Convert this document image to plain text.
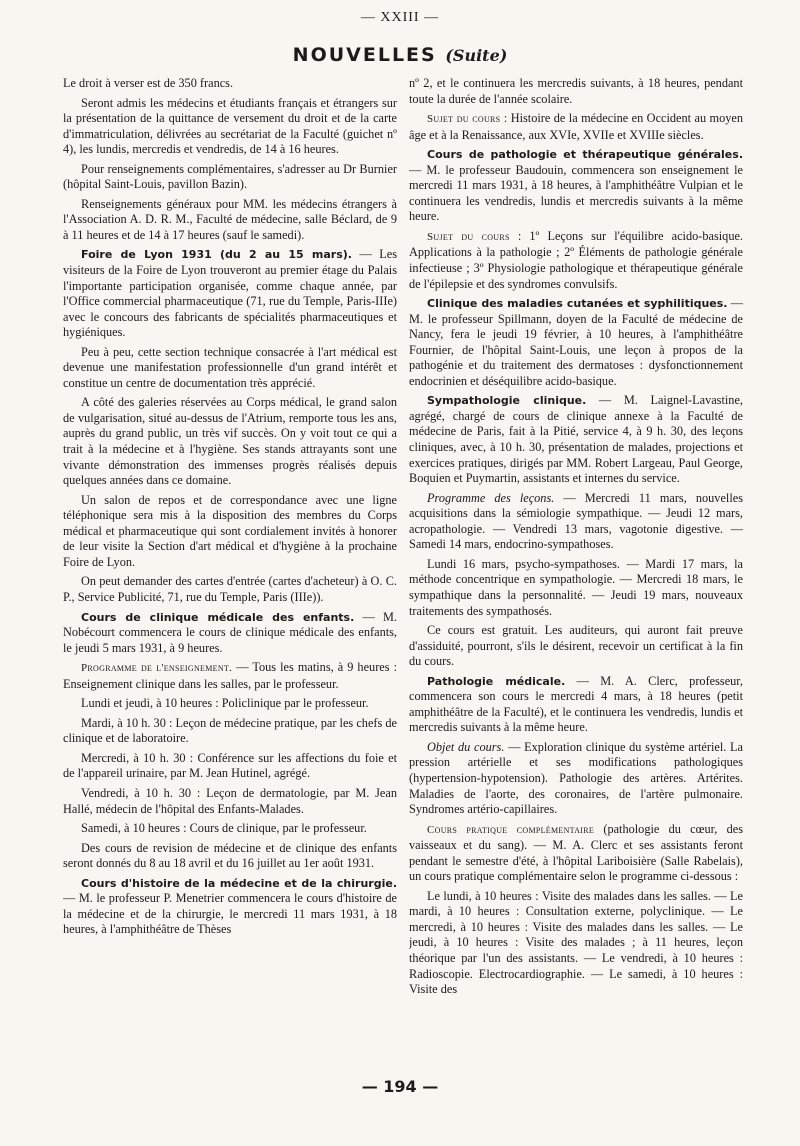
— XXIII —
NOUVELLES (Suite)

Le droit à verser est de 350 francs.

Seront admis les médecins et étudiants français et étrangers sur la présentation de la quittance de versement du droit et de la carte d'immatriculation, délivrées au secrétariat de la Faculté (guichet nº 4), les lundis, mercredis et vendredis, de 14 à 16 heures.

Pour renseignements complémentaires, s'adresser au Dr Burnier (hôpital Saint-Louis, pavillon Bazin).

Renseignements généraux pour MM. les médecins étrangers à l'Association A. D. R. M., Faculté de médecine, salle Béclard, de 9 à 11 heures et de 14 à 17 heures (sauf le samedi).

Foire de Lyon 1931 (du 2 au 15 mars). — Les visiteurs de la Foire de Lyon trouveront au premier étage du Palais l'importante participation organisée, comme chaque année, par l'Office commercial pharmaceutique (71, rue du Temple, Paris-IIIe) avec le concours des fabricants de spécialités pharmaceutiques et hygiéniques.

Peu à peu, cette section technique consacrée à l'art médical est devenue une manifestation professionnelle d'un grand intérêt et constitue un centre de documentation très apprécié.

A côté des galeries réservées au Corps médical, le grand salon de vulgarisation, situé au-dessus de l'Atrium, remporte tous les ans, auprès du grand public, un très vif succès. On y voit tout ce qui a trait à la médecine et à l'hygiène. Ses stands attrayants sont une vivante démonstration des immenses progrès réalisés depuis quelques années dans ce domaine.

Un salon de repos et de correspondance avec une ligne téléphonique sera mis à la disposition des membres du Corps médical et pharmaceutique qui sont cordialement invités à honorer de leur visite la Section d'art médical et d'hygiène à la prochaine Foire de Lyon.

On peut demander des cartes d'entrée (cartes d'acheteur) à O. C. P., Service Publicité, 71, rue du Temple, Paris (IIIe)).

Cours de clinique médicale des enfants. — M. Nobécourt commencera le cours de clinique médicale des enfants, le jeudi 5 mars 1931, à 9 heures.

Programme de l'enseignement. — Tous les matins, à 9 heures : Enseignement clinique dans les salles, par le professeur.

Lundi et jeudi, à 10 heures : Policlinique par le professeur.

Mardi, à 10 h. 30 : Leçon de médecine pratique, par les chefs de clinique et de laboratoire.

Mercredi, à 10 h. 30 : Conférence sur les affections du foie et de l'appareil urinaire, par M. Jean Hutinel, agrégé.

Vendredi, à 10 h. 30 : Leçon de dermatologie, par M. Jean Hallé, médecin de l'hôpital des Enfants-Malades.

Samedi, à 10 heures : Cours de clinique, par le professeur.

Des cours de revision de médecine et de clinique des enfants seront donnés du 8 au 18 avril et du 16 juillet au 1er août 1931.

Cours d'histoire de la médecine et de la chirurgie. — M. le professeur P. Menetrier commencera le cours d'histoire de la médecine et de la chirurgie, le mercredi 11 mars 1931, à 18 heures, à l'amphithéâtre de Thèses

nº 2, et le continuera les mercredis suivants, à 18 heures, pendant toute la durée de l'année scolaire.

Sujet du cours : Histoire de la médecine en Occident au moyen âge et à la Renaissance, aux XVIe, XVIIe et XVIIIe siècles.

Cours de pathologie et thérapeutique générales. — M. le professeur Baudouin, commencera son enseignement le mercredi 11 mars 1931, à 18 heures, à l'amphithéâtre Vulpian et le continuera les vendredis, lundis et mercredis suivants à la même heure.

Sujet du cours : 1º Leçons sur l'équilibre acido-basique. Applications à la pathologie ; 2º Éléments de pathologie générale infectieuse ; 3º Physiologie pathologique et thérapeutique générale de l'épilepsie et des syndromes convulsifs.

Clinique des maladies cutanées et syphilitiques. — M. le professeur Spillmann, doyen de la Faculté de médecine de Nancy, fera le jeudi 19 février, à 10 heures, à l'amphithéâtre Fournier, de l'hôpital Saint-Louis, une leçon à propos de la pathogénie et du traitement des dermatoses : dysfonctionnement endocrinien et déséquilibre acido-basique.

Sympathologie clinique. — M. Laignel-Lavastine, agrégé, chargé de cours de clinique annexe à la Faculté de médecine de Paris, fait à la Pitié, service 4, à 9 h. 30, des leçons cliniques, avec, à 10 h. 30, présentation de malades, projections et exercices pratiques, dirigés par MM. Robert Largeau, Paul George, Boquien et Puymartin, assistants et internes du service.

Programme des leçons. — Mercredi 11 mars, nouvelles acquisitions dans la sémiologie sympathique. — Jeudi 12 mars, acropathologie. — Vendredi 13 mars, vagotonie digestive. — Samedi 14 mars, endocrino-sympathoses.

Lundi 16 mars, psycho-sympathoses. — Mardi 17 mars, la méthode concentrique en sympathologie. — Mercredi 18 mars, le sympathique dans la personnalité. — Jeudi 19 mars, nouveaux traitements des sympathosés.

Ce cours est gratuit. Les auditeurs, qui auront fait preuve d'assiduité, pourront, s'ils le désirent, recevoir un certificat à la fin du cours.

Pathologie médicale. — M. A. Clerc, professeur, commencera son cours le mercredi 4 mars, à 18 heures (petit amphithéâtre de la Faculté), et le continuera les vendredis, lundis et mercredis suivants à la même heure.

Objet du cours. — Exploration clinique du système artériel. La pression artérielle et ses modifications pathologiques (hypertension-hypotension). Pathologie des artères. Artérites. Maladies de l'aorte, des coronaires, de l'artère pulmonaire. Syndromes artério-capillaires.

Cours pratique complémentaire (pathologie du cœur, des vaisseaux et du sang). — M. A. Clerc et ses assistants feront pendant le semestre d'été, à l'hôpital Lariboisière (Salle Rabelais), un cours pratique complémentaire selon le programme ci-dessous :

Le lundi, à 10 heures : Visite des malades dans les salles. — Le mardi, à 10 heures : Consultation externe, polyclinique. — Le mercredi, à 10 heures : Visite des malades dans les salles. — Le jeudi, à 10 heures : Visite des malades ; à 11 heures, leçon théorique par l'un des assistants. — Le vendredi, à 10 heures : Radioscopie. Electrocardiographie. — Le samedi, à 10 heures : Visite des

— 194 —
